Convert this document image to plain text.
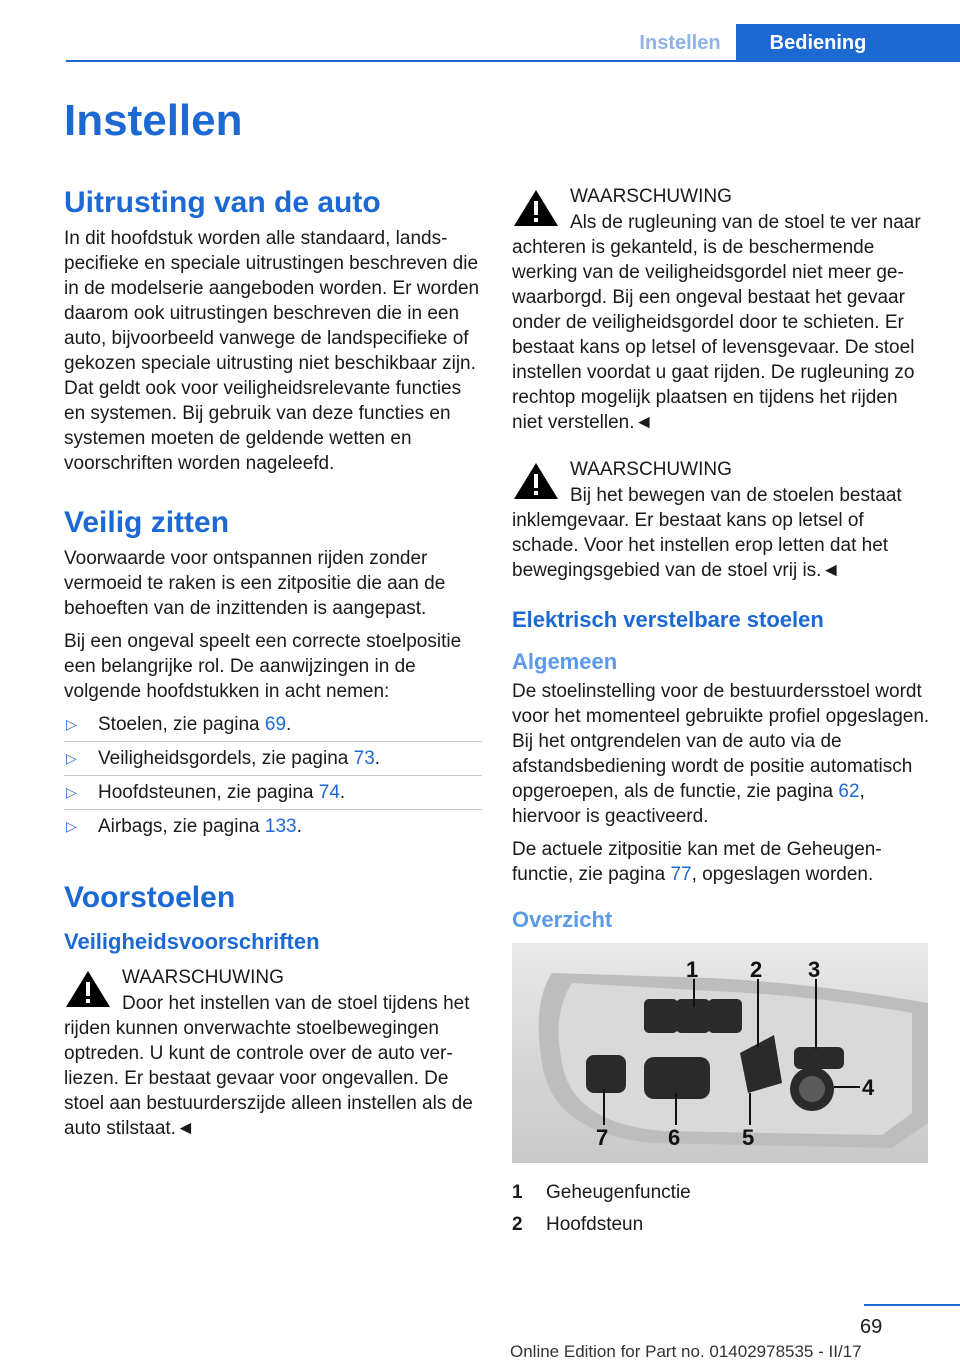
Instellen	Bediening
Instellen
Uitrusting van de auto

In dit hoofdstuk worden alle standaard, landspecifieke en speciale uitrustingen beschreven die in de modelserie aangeboden worden. Er worden daarom ook uitrustingen beschreven die in een auto, bijvoorbeeld vanwege de landspecifieke of gekozen speciale uitrusting niet beschikbaar zijn. Dat geldt ook voor veiligheidsrelevante functies en systemen. Bij gebruik van deze functies en systemen moeten de geldende wetten en voorschriften worden nageleefd.

Veilig zitten

Voorwaarde voor ontspannen rijden zonder vermoeid te raken is een zitpositie die aan de behoeften van de inzittenden is aangepast.

Bij een ongeval speelt een correcte stoelpositie een belangrijke rol. De aanwijzingen in de volgende hoofdstukken in acht nemen:

▷ Stoelen, zie pagina 69.
▷ Veiligheidsgordels, zie pagina 73.
▷ Hoofdsteunen, zie pagina 74.
▷ Airbags, zie pagina 133.
Voorstoelen
Veiligheidsvoorschriften
WAARSCHUWING
Door het instellen van de stoel tijdens het rijden kunnen onverwachte stoelbewegingen optreden. U kunt de controle over de auto verliezen. Er bestaat gevaar voor ongevallen. De stoel aan bestuurderszijde alleen instellen als de auto stilstaat.◄
WAARSCHUWING
Als de rugleuning van de stoel te ver naar achteren is gekanteld, is de beschermende werking van de veiligheidsgordel niet meer gewaarborgd. Bij een ongeval bestaat het gevaar onder de veiligheidsgordel door te schieten. Er bestaat kans op letsel of levensgevaar. De stoel instellen voordat u gaat rijden. De rugleuning zo rechtop mogelijk plaatsen en tijdens het rijden niet verstellen.◄
WAARSCHUWING
Bij het bewegen van de stoelen bestaat inklemgevaar. Er bestaat kans op letsel of schade. Voor het instellen erop letten dat het bewegingsgebied van de stoel vrij is.◄
Elektrisch verstelbare stoelen
Algemeen

De stoelinstelling voor de bestuurdersstoel wordt voor het momenteel gebruikte profiel opgeslagen. Bij het ontgrendelen van de auto via de afstandsbediening wordt de positie automatisch opgeroepen, als de functie, zie pagina 62, hiervoor is geactiveerd.

De actuele zitpositie kan met de Geheugenfunctie, zie pagina 77, opgeslagen worden.

Overzicht
1 2 3
4
5
6
7
1	Geheugenfunctie
2	Hoofdsteun
69
Online Edition for Part no. 01402978535 - II/17
